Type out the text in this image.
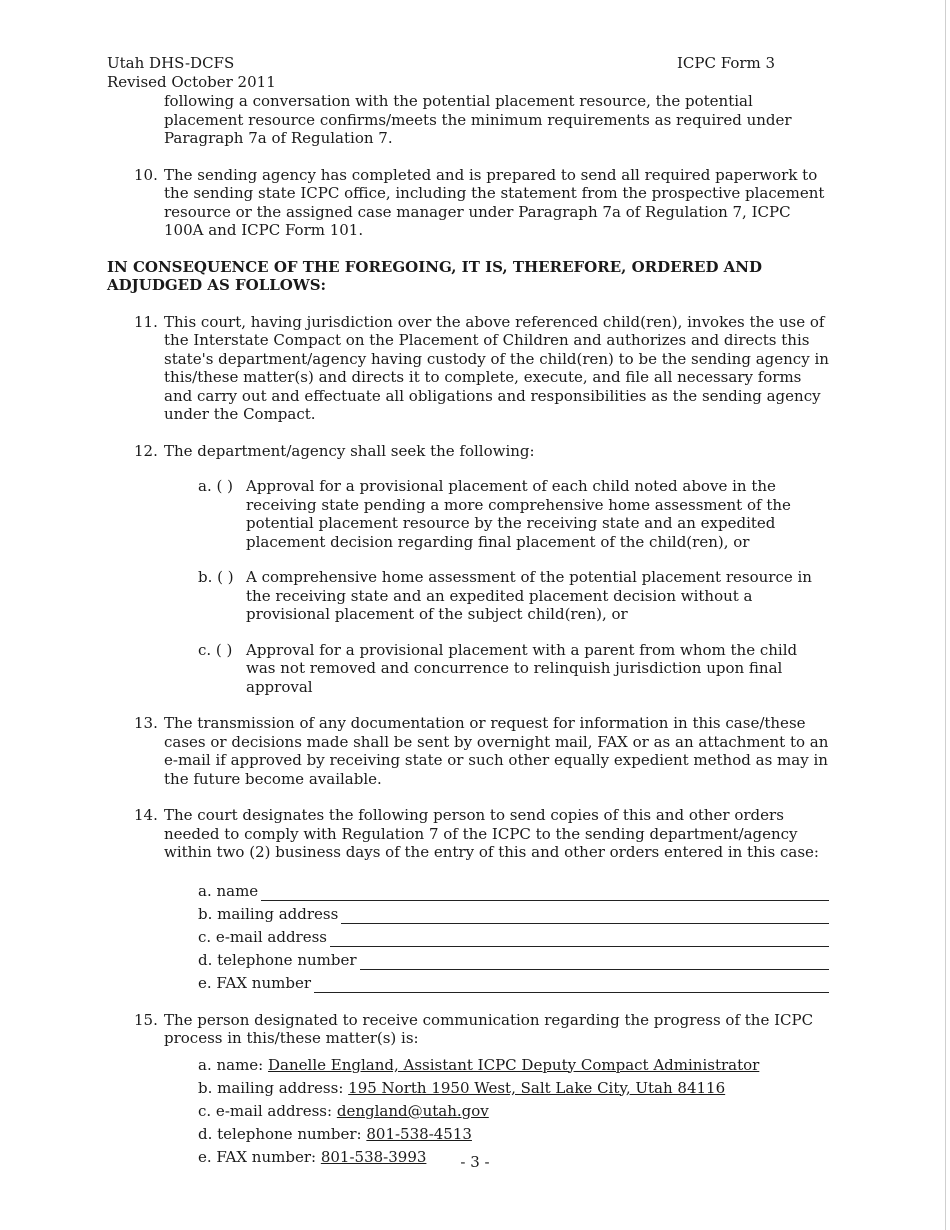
Utah DHS-DCFS
Revised October 2011
ICPC Form 3
following a conversation with the potential placement resource, the potential placement resource confirms/meets the minimum requirements as required under Paragraph 7a of Regulation 7.
10. The sending agency has completed and is prepared to send all required paperwork to the sending state ICPC office, including the statement from the prospective placement resource or the assigned case manager under Paragraph 7a of Regulation 7, ICPC 100A and ICPC Form 101.
IN CONSEQUENCE OF THE FOREGOING, IT IS, THEREFORE, ORDERED AND ADJUDGED AS FOLLOWS:
11. This court, having jurisdiction over the above referenced child(ren), invokes the use of the Interstate Compact on the Placement of Children and authorizes and directs this state's department/agency having custody of the child(ren) to be the sending agency in this/these matter(s) and directs it to complete, execute, and file all necessary forms and carry out and effectuate all obligations and responsibilities as the sending agency under the Compact.
12. The department/agency shall seek the following:
a. ( ) Approval for a provisional placement of each child noted above in the receiving state pending a more comprehensive home assessment of the potential placement resource by the receiving state and an expedited placement decision regarding final placement of the child(ren), or
b. ( ) A comprehensive home assessment of the potential placement resource in the receiving state and an expedited placement decision without a provisional placement of the subject child(ren), or
c. ( ) Approval for a provisional placement with a parent from whom the child was not removed and concurrence to relinquish jurisdiction upon final approval
13. The transmission of any documentation or request for information in this case/these cases or decisions made shall be sent by overnight mail, FAX or as an attachment to an e-mail if approved by receiving state or such other equally expedient method as may in the future become available.
14. The court designates the following person to send copies of this and other orders needed to comply with Regulation 7 of the ICPC to the sending department/agency within two (2) business days of the entry of this and other orders entered in this case:
a. name
b. mailing address
c. e-mail address
d. telephone number
e. FAX number
15. The person designated to receive communication regarding the progress of the ICPC process in this/these matter(s) is:
a. name: Danelle England, Assistant ICPC Deputy Compact Administrator
b. mailing address: 195 North 1950 West, Salt Lake City, Utah 84116
c. e-mail address: dengland@utah.gov
d. telephone number: 801-538-4513
e. FAX number: 801-538-3993	- 3 -
